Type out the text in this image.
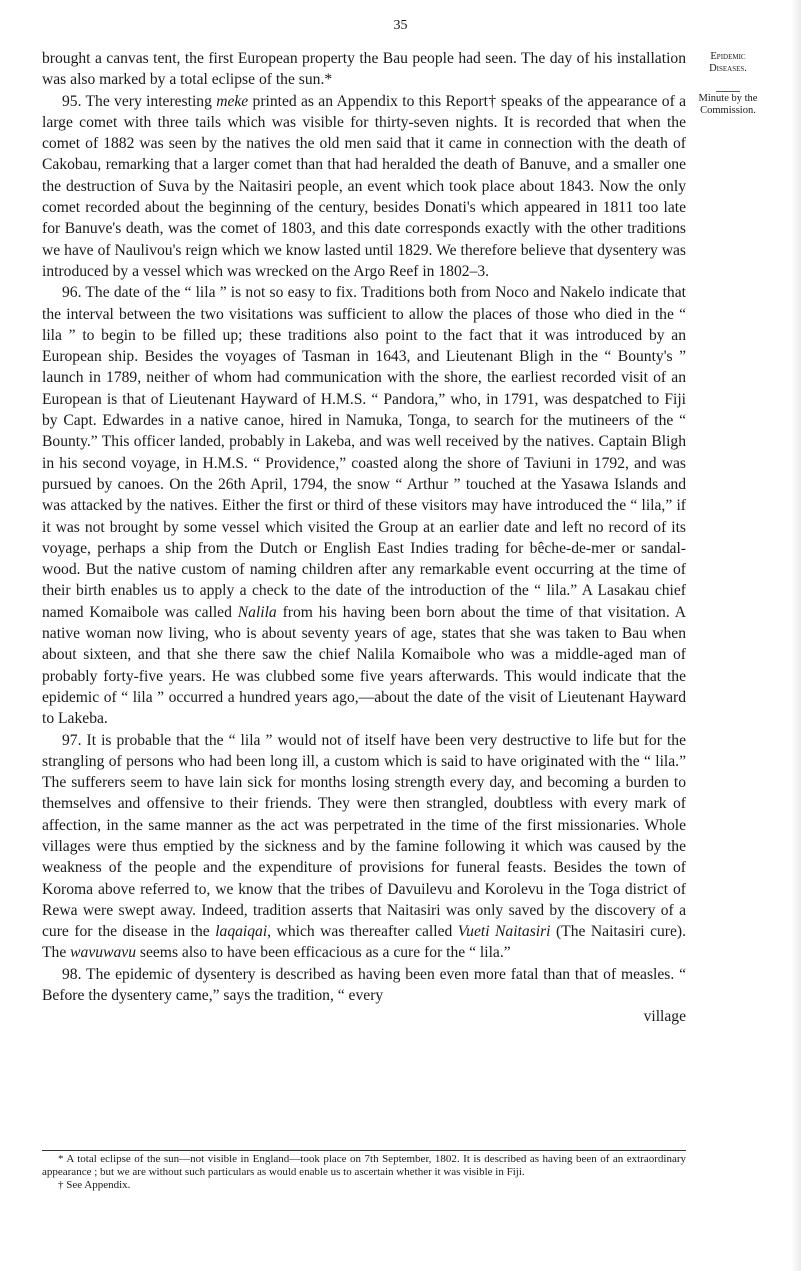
35
Epidemic Diseases.
Minute by the Commission.

brought a canvas tent, the first European property the Bau people had seen. The day of his installation was also marked by a total eclipse of the sun.*

95. The very interesting meke printed as an Appendix to this Report† speaks of the appearance of a large comet with three tails which was visible for thirty-seven nights. It is recorded that when the comet of 1882 was seen by the natives the old men said that it came in connection with the death of Cakobau, remarking that a larger comet than that had heralded the death of Banuve, and a smaller one the destruction of Suva by the Naitasiri people, an event which took place about 1843. Now the only comet recorded about the beginning of the century, besides Donati's which appeared in 1811 too late for Banuve's death, was the comet of 1803, and this date corresponds exactly with the other traditions we have of Naulivou's reign which we know lasted until 1829. We therefore believe that dysentery was introduced by a vessel which was wrecked on the Argo Reef in 1802–3.

96. The date of the “ lila ” is not so easy to fix. Traditions both from Noco and Nakelo indicate that the interval between the two visitations was sufficient to allow the places of those who died in the “ lila ” to begin to be filled up; these traditions also point to the fact that it was introduced by an European ship. Besides the voyages of Tasman in 1643, and Lieutenant Bligh in the “ Bounty's ” launch in 1789, neither of whom had communication with the shore, the earliest recorded visit of an European is that of Lieutenant Hayward of H.M.S. “ Pandora,” who, in 1791, was despatched to Fiji by Capt. Edwardes in a native canoe, hired in Namuka, Tonga, to search for the mutineers of the “ Bounty.” This officer landed, probably in Lakeba, and was well received by the natives. Captain Bligh in his second voyage, in H.M.S. “ Providence,” coasted along the shore of Taviuni in 1792, and was pursued by canoes. On the 26th April, 1794, the snow “ Arthur ” touched at the Yasawa Islands and was attacked by the natives. Either the first or third of these visitors may have introduced the “ lila,” if it was not brought by some vessel which visited the Group at an earlier date and left no record of its voyage, perhaps a ship from the Dutch or English East Indies trading for bêche-de-mer or sandal-wood. But the native custom of naming children after any remarkable event occurring at the time of their birth enables us to apply a check to the date of the introduction of the “ lila.” A Lasakau chief named Komaibole was called Nalila from his having been born about the time of that visitation. A native woman now living, who is about seventy years of age, states that she was taken to Bau when about sixteen, and that she there saw the chief Nalila Komaibole who was a middle-aged man of probably forty-five years. He was clubbed some five years afterwards. This would indicate that the epidemic of “ lila ” occurred a hundred years ago,—about the date of the visit of Lieutenant Hayward to Lakeba.

97. It is probable that the “ lila ” would not of itself have been very destructive to life but for the strangling of persons who had been long ill, a custom which is said to have originated with the “ lila.” The sufferers seem to have lain sick for months losing strength every day, and becoming a burden to themselves and offensive to their friends. They were then strangled, doubtless with every mark of affection, in the same manner as the act was perpetrated in the time of the first missionaries. Whole villages were thus emptied by the sickness and by the famine following it which was caused by the weakness of the people and the expenditure of provisions for funeral feasts. Besides the town of Koroma above referred to, we know that the tribes of Davuilevu and Korolevu in the Toga district of Rewa were swept away. Indeed, tradition asserts that Naitasiri was only saved by the discovery of a cure for the disease in the laqaiqai, which was thereafter called Vueti Naitasiri (The Naitasiri cure). The wavuwavu seems also to have been efficacious as a cure for the “ lila.”

98. The epidemic of dysentery is described as having been even more fatal than that of measles. “ Before the dysentery came,” says the tradition, “ every

village

* A total eclipse of the sun—not visible in England—took place on 7th September, 1802. It is described as having been of an extraordinary appearance ; but we are without such particulars as would enable us to ascertain whether it was visible in Fiji.

† See Appendix.
